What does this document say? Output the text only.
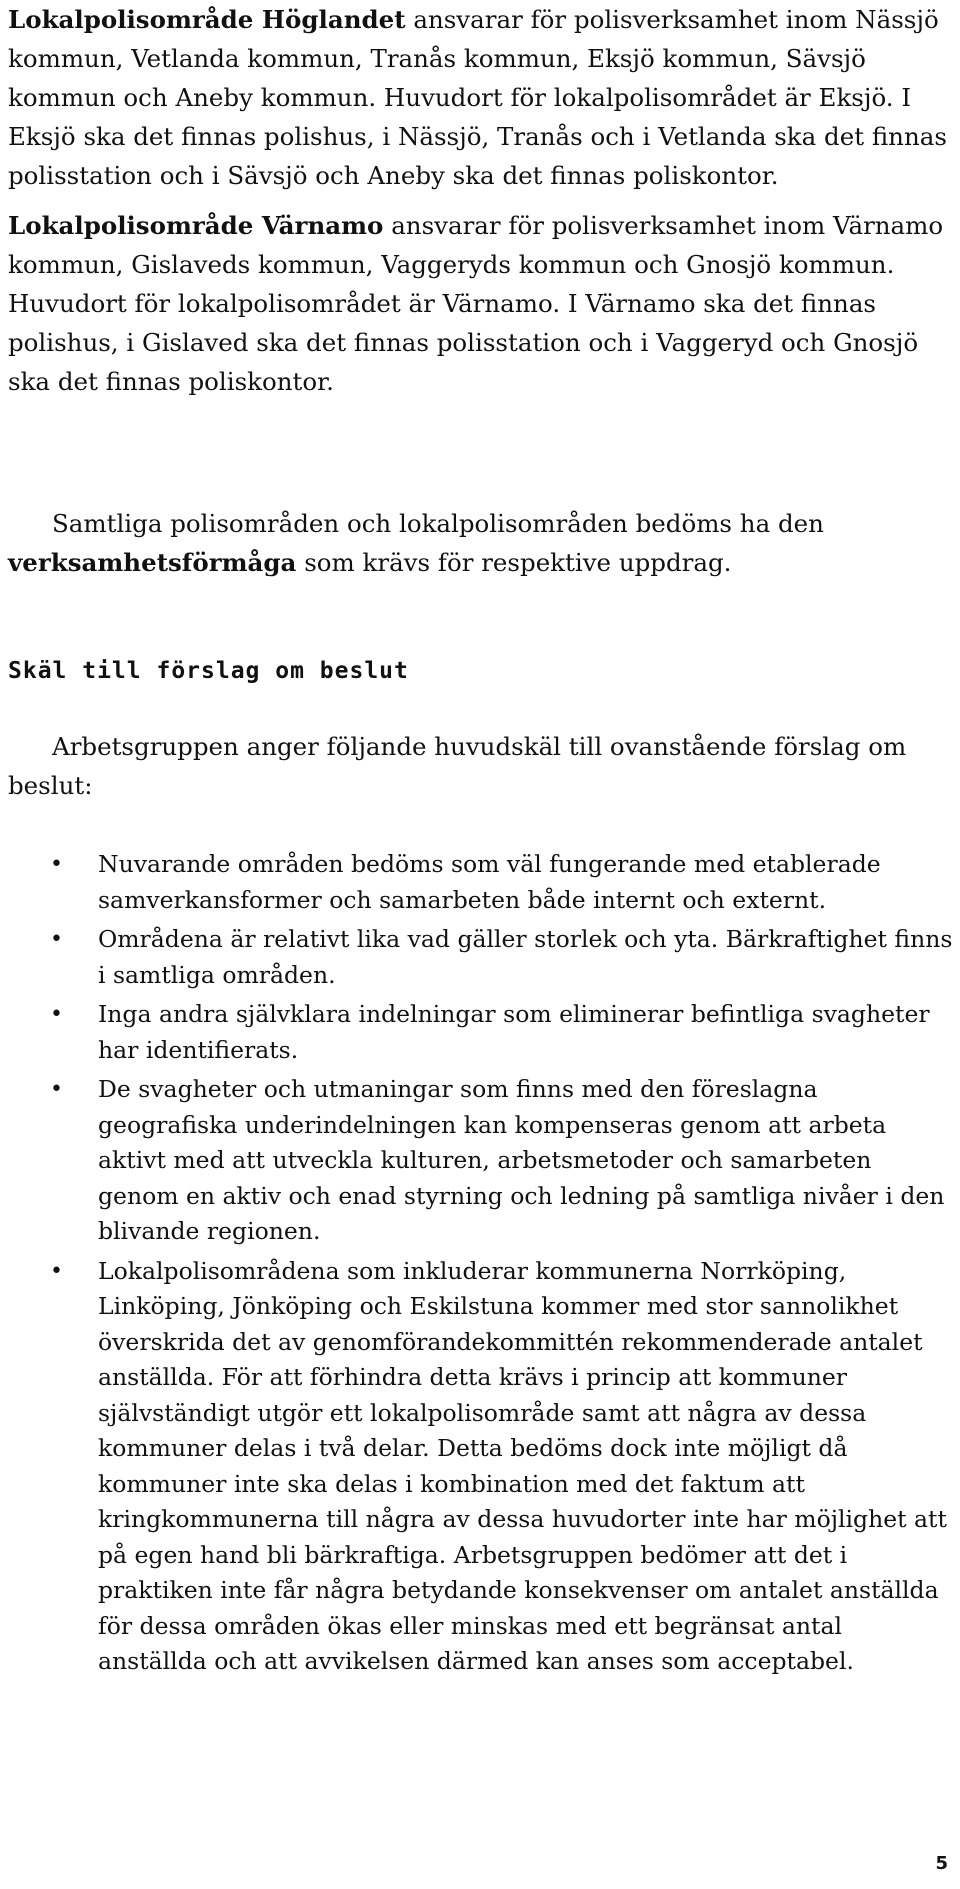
Lokalpolisområde Höglandet ansvarar för polisverksamhet inom Nässjö kommun, Vetlanda kommun, Tranås kommun, Eksjö kommun, Sävsjö kommun och Aneby kommun. Huvudort för lokalpolisområdet är Eksjö. I Eksjö ska det finnas polishus, i Nässjö, Tranås och i Vetlanda ska det finnas polisstation och i Sävsjö och Aneby ska det finnas poliskontor.

Lokalpolisområde Värnamo ansvarar för polisverksamhet inom Värnamo kommun, Gislaveds kommun, Vaggeryds kommun och Gnosjö kommun. Huvudort för lokalpolisområdet är Värnamo. I Värnamo ska det finnas polishus, i Gislaved ska det finnas polisstation och i Vaggeryd och Gnosjö ska det finnas poliskontor.

Samtliga polisområden och lokalpolisområden bedöms ha den verksamhetsförmåga som krävs för respektive uppdrag.

Skäl till förslag om beslut

Arbetsgruppen anger följande huvudskäl till ovanstående förslag om beslut:

• Nuvarande områden bedöms som väl fungerande med etablerade samverkansformer och samarbeten både internt och externt.
• Områdena är relativt lika vad gäller storlek och yta. Bärkraftighet finns i samtliga områden.
• Inga andra självklara indelningar som eliminerar befintliga svagheter har identifierats.
• De svagheter och utmaningar som finns med den föreslagna geografiska underindelningen kan kompenseras genom att arbeta aktivt med att utveckla kulturen, arbetsmetoder och samarbeten genom en aktiv och enad styrning och ledning på samtliga nivåer i den blivande regionen.
• Lokalpolisområdena som inkluderar kommunerna Norrköping, Linköping, Jönköping och Eskilstuna kommer med stor sannolikhet överskrida det av genomförandekommittén rekommenderade antalet anställda. För att förhindra detta krävs i princip att kommuner självständigt utgör ett lokalpolisområde samt att några av dessa kommuner delas i två delar. Detta bedöms dock inte möjligt då kommuner inte ska delas i kombination med det faktum att kringkommunerna till några av dessa huvudorter inte har möjlighet att på egen hand bli bärkraftiga. Arbetsgruppen bedömer att det i praktiken inte får några betydande konsekvenser om antalet anställda för dessa områden ökas eller minskas med ett begränsat antal anställda och att avvikelsen därmed kan anses som acceptabel.
5
